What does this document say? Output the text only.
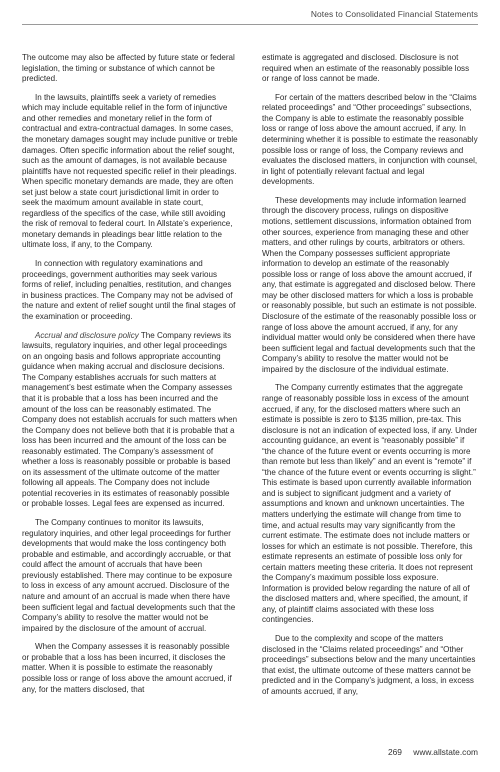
Notes to Consolidated Financial Statements

The outcome may also be affected by future state or federal legislation, the timing or substance of which cannot be predicted.

In the lawsuits, plaintiffs seek a variety of remedies which may include equitable relief in the form of injunctive and other remedies and monetary relief in the form of contractual and extra-contractual damages. In some cases, the monetary damages sought may include punitive or treble damages. Often specific information about the relief sought, such as the amount of damages, is not available because plaintiffs have not requested specific relief in their pleadings. When specific monetary demands are made, they are often set just below a state court jurisdictional limit in order to seek the maximum amount available in state court, regardless of the specifics of the case, while still avoiding the risk of removal to federal court. In Allstate’s experience, monetary demands in pleadings bear little relation to the ultimate loss, if any, to the Company.

In connection with regulatory examinations and proceedings, government authorities may seek various forms of relief, including penalties, restitution, and changes in business practices. The Company may not be advised of the nature and extent of relief sought until the final stages of the examination or proceeding.

Accrual and disclosure policy The Company reviews its lawsuits, regulatory inquiries, and other legal proceedings on an ongoing basis and follows appropriate accounting guidance when making accrual and disclosure decisions. The Company establishes accruals for such matters at management’s best estimate when the Company assesses that it is probable that a loss has been incurred and the amount of the loss can be reasonably estimated. The Company does not establish accruals for such matters when the Company does not believe both that it is probable that a loss has been incurred and the amount of the loss can be reasonably estimated. The Company’s assessment of whether a loss is reasonably possible or probable is based on its assessment of the ultimate outcome of the matter following all appeals. The Company does not include potential recoveries in its estimates of reasonably possible or probable losses. Legal fees are expensed as incurred.

The Company continues to monitor its lawsuits, regulatory inquiries, and other legal proceedings for further developments that would make the loss contingency both probable and estimable, and accordingly accruable, or that could affect the amount of accruals that have been previously established. There may continue to be exposure to loss in excess of any amount accrued. Disclosure of the nature and amount of an accrual is made when there have been sufficient legal and factual developments such that the Company’s ability to resolve the matter would not be impaired by the disclosure of the amount of accrual.

When the Company assesses it is reasonably possible or probable that a loss has been incurred, it discloses the matter. When it is possible to estimate the reasonably possible loss or range of loss above the amount accrued, if any, for the matters disclosed, that

estimate is aggregated and disclosed. Disclosure is not required when an estimate of the reasonably possible loss or range of loss cannot be made.

For certain of the matters described below in the “Claims related proceedings” and “Other proceedings” subsections, the Company is able to estimate the reasonably possible loss or range of loss above the amount accrued, if any. In determining whether it is possible to estimate the reasonably possible loss or range of loss, the Company reviews and evaluates the disclosed matters, in conjunction with counsel, in light of potentially relevant factual and legal developments.

These developments may include information learned through the discovery process, rulings on dispositive motions, settlement discussions, information obtained from other sources, experience from managing these and other matters, and other rulings by courts, arbitrators or others. When the Company possesses sufficient appropriate information to develop an estimate of the reasonably possible loss or range of loss above the amount accrued, if any, that estimate is aggregated and disclosed below. There may be other disclosed matters for which a loss is probable or reasonably possible, but such an estimate is not possible. Disclosure of the estimate of the reasonably possible loss or range of loss above the amount accrued, if any, for any individual matter would only be considered when there have been sufficient legal and factual developments such that the Company’s ability to resolve the matter would not be impaired by the disclosure of the individual estimate.

The Company currently estimates that the aggregate range of reasonably possible loss in excess of the amount accrued, if any, for the disclosed matters where such an estimate is possible is zero to $135 million, pre-tax. This disclosure is not an indication of expected loss, if any. Under accounting guidance, an event is “reasonably possible” if “the chance of the future event or events occurring is more than remote but less than likely” and an event is “remote” if “the chance of the future event or events occurring is slight.” This estimate is based upon currently available information and is subject to significant judgment and a variety of assumptions and known and unknown uncertainties. The matters underlying the estimate will change from time to time, and actual results may vary significantly from the current estimate. The estimate does not include matters or losses for which an estimate is not possible. Therefore, this estimate represents an estimate of possible loss only for certain matters meeting these criteria. It does not represent the Company’s maximum possible loss exposure. Information is provided below regarding the nature of all of the disclosed matters and, where specified, the amount, if any, of plaintiff claims associated with these loss contingencies.

Due to the complexity and scope of the matters disclosed in the “Claims related proceedings” and “Other proceedings” subsections below and the many uncertainties that exist, the ultimate outcome of these matters cannot be predicted and in the Company’s judgment, a loss, in excess of amounts accrued, if any,

269 www.allstate.com
